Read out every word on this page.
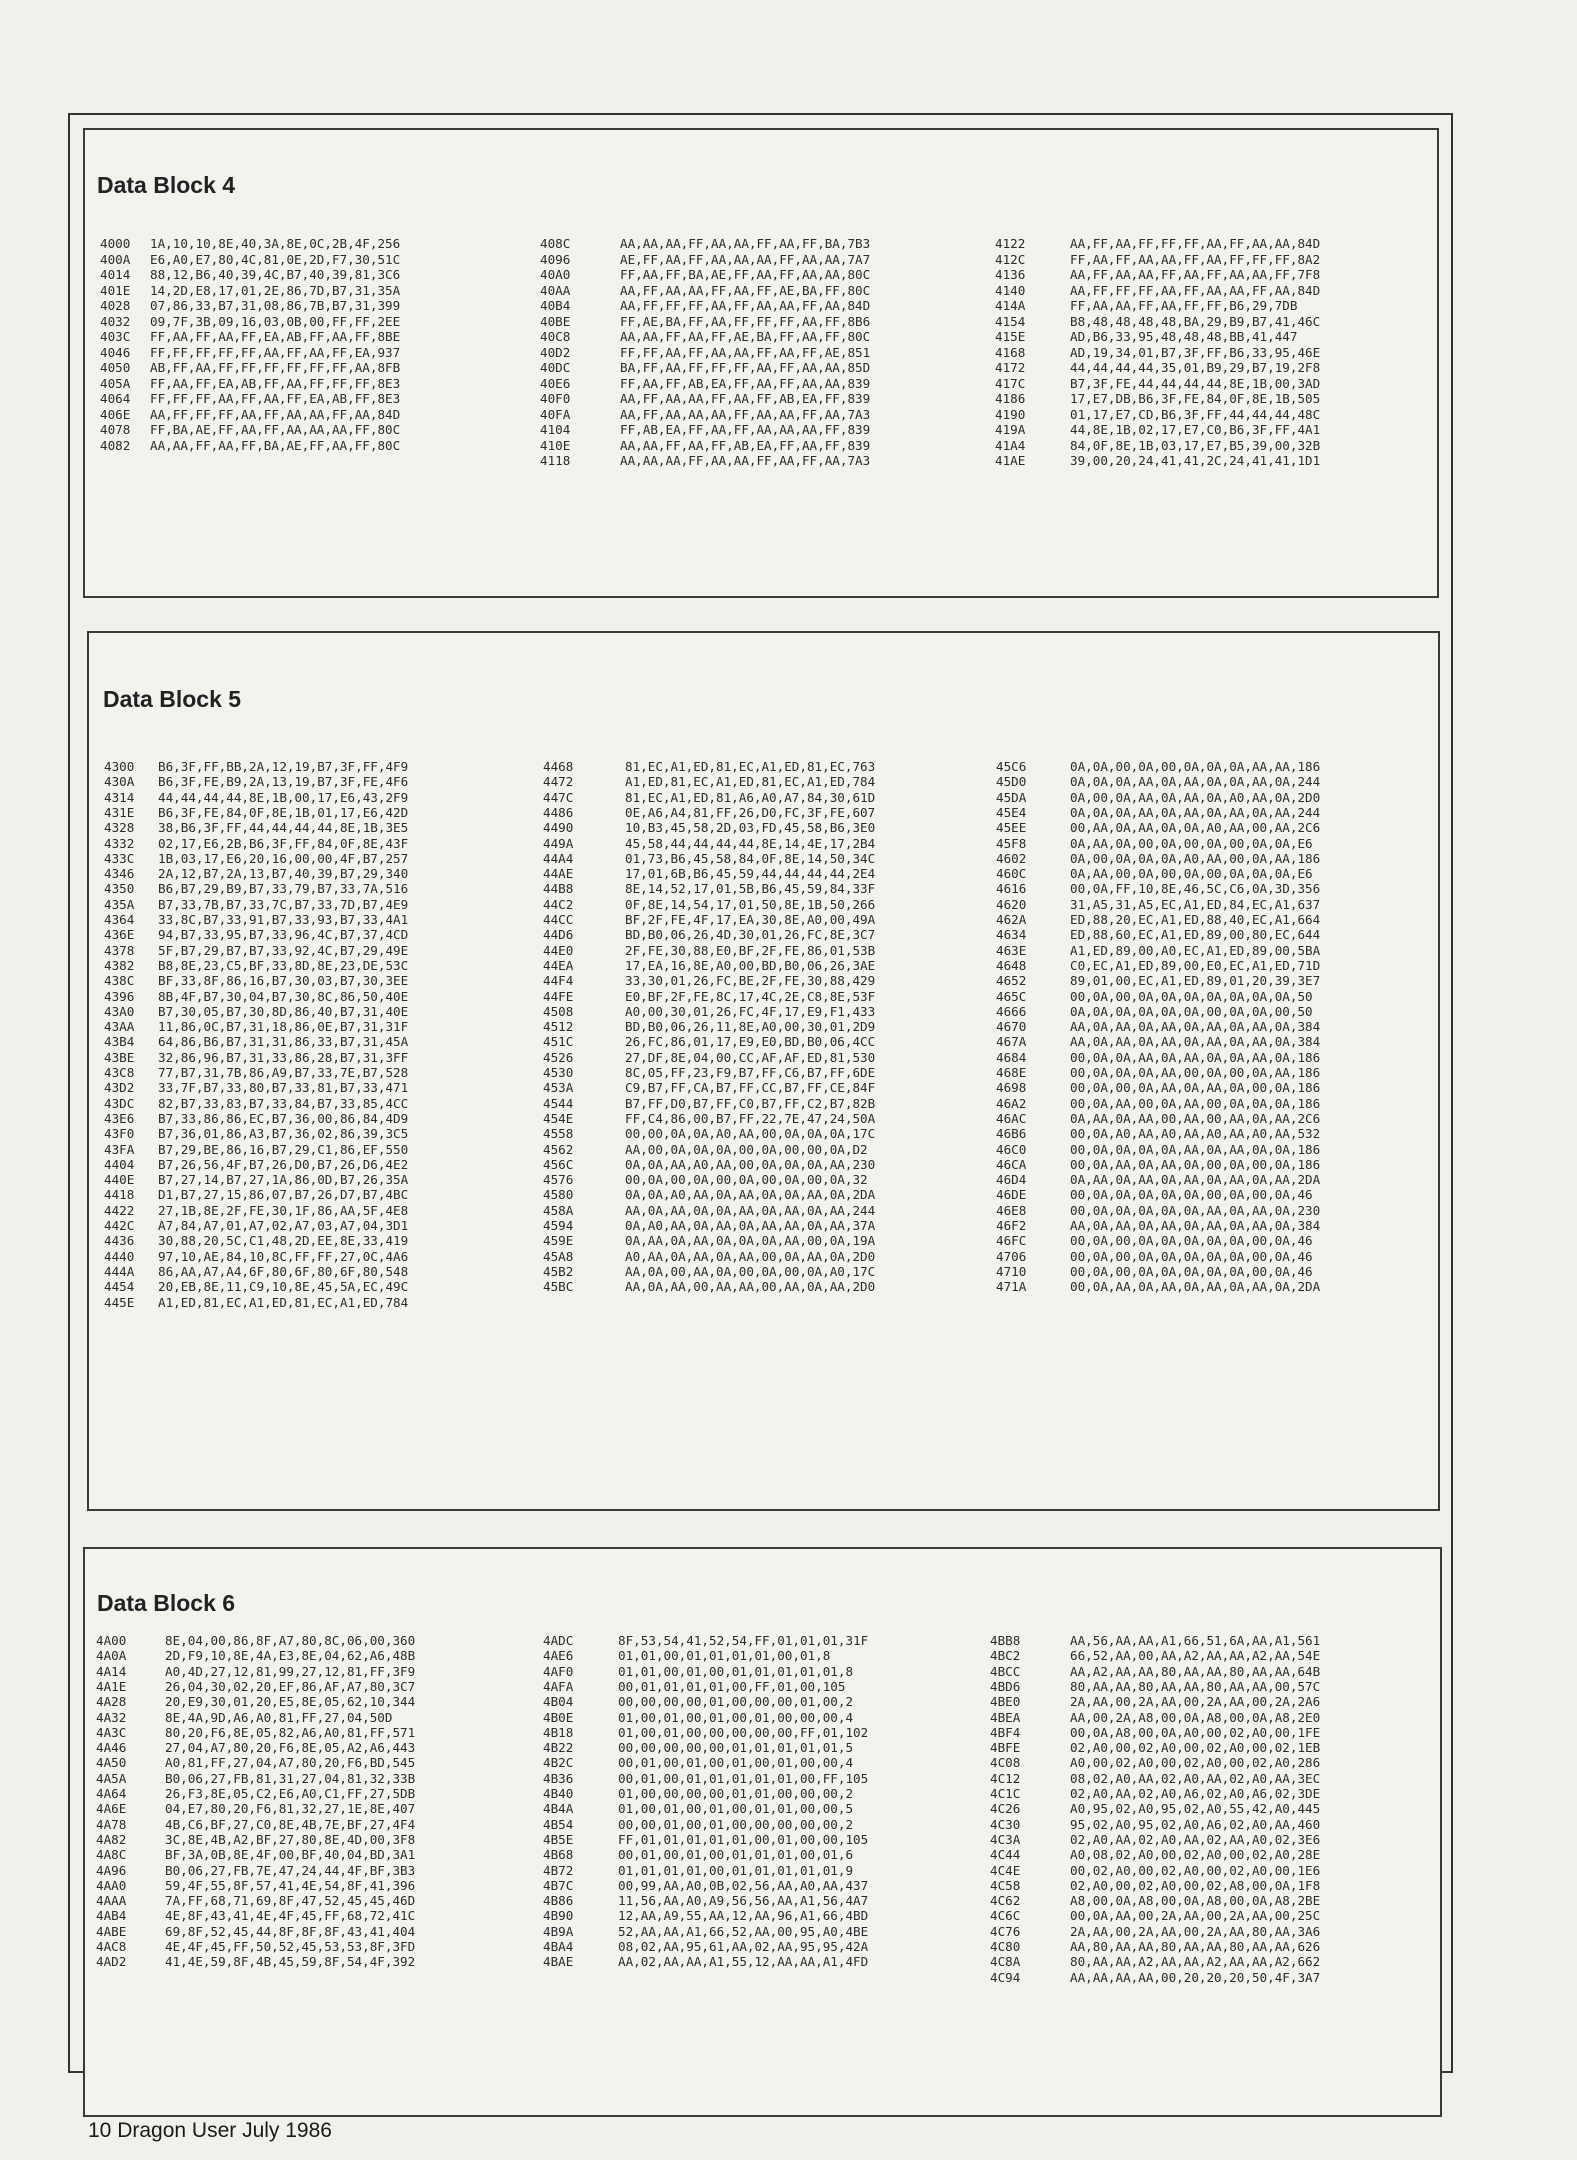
Data Block 4
4000 1A,10,10,8E,40,3A,8E,0C,2B,4F,256
400A E6,A0,E7,80,4C,81,0E,2D,F7,30,51C
4014 88,12,B6,40,39,4C,B7,40,39,81,3C6
401E 14,2D,E8,17,01,2E,86,7D,B7,31,35A
4028 07,86,33,B7,31,08,86,7B,B7,31,399
4032 09,7F,3B,09,16,03,0B,00,FF,FF,2EE
403C FF,AA,FF,AA,FF,EA,AB,FF,AA,FF,8BE
4046 FF,FF,FF,FF,FF,AA,FF,AA,FF,EA,937
4050 AB,FF,AA,FF,FF,FF,FF,FF,FF,AA,8FB
405A FF,AA,FF,EA,AB,FF,AA,FF,FF,FF,8E3
4064 FF,FF,FF,AA,FF,AA,FF,EA,AB,FF,8E3
406E AA,FF,FF,FF,AA,FF,AA,AA,FF,AA,84D
4078 FF,BA,AE,FF,AA,FF,AA,AA,AA,FF,80C
4082 AA,AA,FF,AA,FF,BA,AE,FF,AA,FF,80C
408C	AA,AA,AA,FF,AA,AA,FF,AA,FF,BA,7B3
4096	AE,FF,AA,FF,AA,AA,AA,FF,AA,AA,7A7
40A0	FF,AA,FF,BA,AE,FF,AA,FF,AA,AA,80C
40AA	AA,FF,AA,AA,FF,AA,FF,AE,BA,FF,80C
40B4	AA,FF,FF,FF,AA,FF,AA,AA,FF,AA,84D
40BE	FF,AE,BA,FF,AA,FF,FF,FF,AA,FF,8B6
40C8	AA,AA,FF,AA,FF,AE,BA,FF,AA,FF,80C
40D2	FF,FF,AA,FF,AA,AA,FF,AA,FF,AE,851
40DC	BA,FF,AA,FF,FF,FF,AA,FF,AA,AA,85D
40E6	FF,AA,FF,AB,EA,FF,AA,FF,AA,AA,839
40F0	AA,FF,AA,AA,FF,AA,FF,AB,EA,FF,839
40FA	AA,FF,AA,AA,AA,FF,AA,AA,FF,AA,7A3
4104	FF,AB,EA,FF,AA,FF,AA,AA,AA,FF,839
410E	AA,AA,FF,AA,FF,AB,EA,FF,AA,FF,839
4118	AA,AA,AA,FF,AA,AA,FF,AA,FF,AA,7A3
4122	AA,FF,AA,FF,FF,FF,AA,FF,AA,AA,84D
412C	FF,AA,FF,AA,AA,FF,AA,FF,FF,FF,8A2
4136	AA,FF,AA,AA,FF,AA,FF,AA,AA,FF,7F8
4140	AA,FF,FF,FF,AA,FF,AA,AA,FF,AA,84D
414A	FF,AA,AA,FF,AA,FF,FF,B6,29,7DB
4154	B8,48,48,48,48,BA,29,B9,B7,41,46C
415E	AD,B6,33,95,48,48,48,BB,41,447
4168	AD,19,34,01,B7,3F,FF,B6,33,95,46E
4172	44,44,44,44,35,01,B9,29,B7,19,2F8
417C	B7,3F,FE,44,44,44,44,8E,1B,00,3AD
4186	17,E7,DB,B6,3F,FE,84,0F,8E,1B,505
4190	01,17,E7,CD,B6,3F,FF,44,44,44,48C
419A	44,8E,1B,02,17,E7,C0,B6,3F,FF,4A1
41A4	84,0F,8E,1B,03,17,E7,B5,39,00,32B
41AE	39,00,20,24,41,41,2C,24,41,41,1D1
Data Block 5
4300 B6,3F,FF,BB,2A,12,19,B7,3F,FF,4F9
430A B6,3F,FE,B9,2A,13,19,B7,3F,FE,4F6
4314 44,44,44,44,8E,1B,00,17,E6,43,2F9
431E B6,3F,FE,84,0F,8E,1B,01,17,E6,42D
4328 38,B6,3F,FF,44,44,44,44,8E,1B,3E5
4332 02,17,E6,2B,B6,3F,FF,84,0F,8E,43F
433C 1B,03,17,E6,20,16,00,00,4F,B7,257
4346 2A,12,B7,2A,13,B7,40,39,B7,29,340
4350 B6,B7,29,B9,B7,33,79,B7,33,7A,516
435A B7,33,7B,B7,33,7C,B7,33,7D,B7,4E9
4364 33,8C,B7,33,91,B7,33,93,B7,33,4A1
436E 94,B7,33,95,B7,33,96,4C,B7,37,4CD
4378 5F,B7,29,B7,B7,33,92,4C,B7,29,49E
4382 B8,8E,23,C5,BF,33,8D,8E,23,DE,53C
438C BF,33,8F,86,16,B7,30,03,B7,30,3EE
4396 8B,4F,B7,30,04,B7,30,8C,86,50,40E
43A0 B7,30,05,B7,30,8D,86,40,B7,31,40E
43AA 11,86,0C,B7,31,18,86,0E,B7,31,31F
43B4 64,86,B6,B7,31,31,86,33,B7,31,45A
43BE 32,86,96,B7,31,33,86,28,B7,31,3FF
43C8 77,B7,31,7B,86,A9,B7,33,7E,B7,528
43D2 33,7F,B7,33,80,B7,33,81,B7,33,471
43DC 82,B7,33,83,B7,33,84,B7,33,85,4CC
43E6 B7,33,86,86,EC,B7,36,00,86,84,4D9
43F0 B7,36,01,86,A3,B7,36,02,86,39,3C5
43FA B7,29,BE,86,16,B7,29,C1,86,EF,550
4404 B7,26,56,4F,B7,26,D0,B7,26,D6,4E2
440E B7,27,14,B7,27,1A,86,0D,B7,26,35A
4418 D1,B7,27,15,86,07,B7,26,D7,B7,4BC
4422 27,1B,8E,2F,FE,30,1F,86,AA,5F,4E8
442C A7,84,A7,01,A7,02,A7,03,A7,04,3D1
4436 30,88,20,5C,C1,48,2D,EE,8E,33,419
4440 97,10,AE,84,10,8C,FF,FF,27,0C,4A6
444A 86,AA,A7,A4,6F,80,6F,80,6F,80,548
4454 20,EB,8E,11,C9,10,8E,45,5A,EC,49C
445E A1,ED,81,EC,A1,ED,81,EC,A1,ED,784
4468	81,EC,A1,ED,81,EC,A1,ED,81,EC,763
4472	A1,ED,81,EC,A1,ED,81,EC,A1,ED,784
447C	81,EC,A1,ED,81,A6,A0,A7,84,30,61D
4486	0E,A6,A4,81,FF,26,D0,FC,3F,FE,607
4490	10,B3,45,58,2D,03,FD,45,58,B6,3E0
449A	45,58,44,44,44,44,8E,14,4E,17,2B4
44A4	01,73,B6,45,58,84,0F,8E,14,50,34C
44AE	17,01,6B,B6,45,59,44,44,44,44,2E4
44B8	8E,14,52,17,01,5B,B6,45,59,84,33F
44C2	0F,8E,14,54,17,01,50,8E,1B,50,266
44CC	BF,2F,FE,4F,17,EA,30,8E,A0,00,49A
44D6	BD,B0,06,26,4D,30,01,26,FC,8E,3C7
44E0	2F,FE,30,88,E0,BF,2F,FE,86,01,53B
44EA	17,EA,16,8E,A0,00,BD,B0,06,26,3AE
44F4	33,30,01,26,FC,BE,2F,FE,30,88,429
44FE	E0,BF,2F,FE,8C,17,4C,2E,C8,8E,53F
4508	A0,00,30,01,26,FC,4F,17,E9,F1,433
4512	BD,B0,06,26,11,8E,A0,00,30,01,2D9
451C	26,FC,86,01,17,E9,E0,BD,B0,06,4CC
4526	27,DF,8E,04,00,CC,AF,AF,ED,81,530
4530	8C,05,FF,23,F9,B7,FF,C6,B7,FF,6DE
453A	C9,B7,FF,CA,B7,FF,CC,B7,FF,CE,84F
4544	B7,FF,D0,B7,FF,C0,B7,FF,C2,B7,82B
454E	FF,C4,86,00,B7,FF,22,7E,47,24,50A
4558	00,00,0A,0A,A0,AA,00,0A,0A,0A,17C
4562	AA,00,0A,0A,0A,00,0A,00,00,0A,D2
456C	0A,0A,AA,A0,AA,00,0A,0A,0A,AA,230
4576	00,0A,00,0A,00,0A,00,0A,00,0A,32
4580	0A,0A,A0,AA,0A,AA,0A,0A,AA,0A,2DA
458A	AA,0A,AA,0A,0A,AA,0A,AA,0A,AA,244
4594	0A,A0,AA,0A,AA,0A,AA,AA,0A,AA,37A
459E	0A,AA,0A,AA,0A,0A,0A,AA,00,0A,19A
45A8	A0,AA,0A,AA,0A,AA,00,0A,AA,0A,2D0
45B2	AA,0A,00,AA,0A,00,0A,00,0A,A0,17C
45BC	AA,0A,AA,00,AA,AA,00,AA,0A,AA,2D0
45C6	0A,0A,00,0A,00,0A,0A,0A,AA,AA,186
45D0	0A,0A,0A,AA,0A,AA,0A,0A,AA,0A,244
45DA	0A,00,0A,AA,0A,AA,0A,A0,AA,0A,2D0
45E4	0A,0A,0A,AA,0A,AA,0A,AA,0A,AA,244
45EE	00,AA,0A,AA,0A,0A,A0,AA,00,AA,2C6
45F8	0A,AA,0A,00,0A,00,0A,00,0A,0A,E6
4602	0A,00,0A,0A,0A,A0,AA,00,0A,AA,186
460C	0A,AA,00,0A,00,0A,00,0A,0A,0A,E6
4616	00,0A,FF,10,8E,46,5C,C6,0A,3D,356
4620	31,A5,31,A5,EC,A1,ED,84,EC,A1,637
462A	ED,88,20,EC,A1,ED,88,40,EC,A1,664
4634	ED,88,60,EC,A1,ED,89,00,80,EC,644
463E	A1,ED,89,00,A0,EC,A1,ED,89,00,5BA
4648	C0,EC,A1,ED,89,00,E0,EC,A1,ED,71D
4652	89,01,00,EC,A1,ED,89,01,20,39,3E7
465C	00,0A,00,0A,0A,0A,0A,0A,0A,0A,50
4666	0A,0A,0A,0A,0A,0A,00,0A,0A,00,50
4670	AA,0A,AA,0A,AA,0A,AA,0A,AA,0A,384
467A	AA,0A,AA,0A,AA,0A,AA,0A,AA,0A,384
4684	00,0A,0A,AA,0A,AA,0A,0A,AA,0A,186
468E	00,0A,0A,0A,AA,00,0A,00,0A,AA,186
4698	00,0A,00,0A,AA,0A,AA,0A,00,0A,186
46A2	00,0A,AA,00,0A,AA,00,0A,0A,0A,186
46AC	0A,AA,0A,AA,00,AA,00,AA,0A,AA,2C6
46B6	00,0A,A0,AA,A0,AA,A0,AA,A0,AA,532
46C0	00,0A,0A,0A,0A,AA,0A,AA,0A,0A,186
46CA	00,0A,AA,0A,AA,0A,00,0A,00,0A,186
46D4	0A,AA,0A,AA,0A,AA,0A,AA,0A,AA,2DA
46DE	00,0A,0A,0A,0A,0A,00,0A,00,0A,46
46E8	00,0A,0A,0A,0A,0A,AA,0A,AA,0A,230
46F2	AA,0A,AA,0A,AA,0A,AA,0A,AA,0A,384
46FC	00,0A,00,0A,0A,0A,0A,0A,00,0A,46
4706	00,0A,00,0A,0A,0A,0A,0A,00,0A,46
4710	00,0A,00,0A,0A,0A,0A,0A,00,0A,46
471A	00,0A,AA,0A,AA,0A,AA,0A,AA,0A,2DA
Data Block 6
4A00	8E,04,00,86,8F,A7,80,8C,06,00,360
4A0A	2D,F9,10,8E,4A,E3,8E,04,62,A6,48B
4A14	A0,4D,27,12,81,99,27,12,81,FF,3F9
4A1E	26,04,30,02,20,EF,86,AF,A7,80,3C7
4A28	20,E9,30,01,20,E5,8E,05,62,10,344
4A32	8E,4A,9D,A6,A0,81,FF,27,04,50D
4A3C	80,20,F6,8E,05,82,A6,A0,81,FF,571
4A46	27,04,A7,80,20,F6,8E,05,A2,A6,443
4A50	A0,81,FF,27,04,A7,80,20,F6,BD,545
4A5A	B0,06,27,FB,81,31,27,04,81,32,33B
4A64	26,F3,8E,05,C2,E6,A0,C1,FF,27,5DB
4A6E	04,E7,80,20,F6,81,32,27,1E,8E,407
4A78	4B,C6,BF,27,C0,8E,4B,7E,BF,27,4F4
4A82	3C,8E,4B,A2,BF,27,80,8E,4D,00,3F8
4A8C	BF,3A,0B,8E,4F,00,BF,40,04,BD,3A1
4A96	B0,06,27,FB,7E,47,24,44,4F,BF,3B3
4AA0	59,4F,55,8F,57,41,4E,54,8F,41,396
4AAA	7A,FF,68,71,69,8F,47,52,45,45,46D
4AB4	4E,8F,43,41,4E,4F,45,FF,68,72,41C
4ABE	69,8F,52,45,44,8F,8F,8F,43,41,404
4AC8	4E,4F,45,FF,50,52,45,53,53,8F,3FD
4AD2	41,4E,59,8F,4B,45,59,8F,54,4F,392
4ADC	8F,53,54,41,52,54,FF,01,01,01,31F
4AE6	01,01,00,01,01,01,01,00,01,8
4AF0	01,01,00,01,00,01,01,01,01,01,8
4AFA	00,01,01,01,01,00,FF,01,00,105
4B04	00,00,00,00,01,00,00,00,01,00,2
4B0E	01,00,01,00,01,00,01,00,00,00,4
4B18	01,00,01,00,00,00,00,00,FF,01,102
4B22	00,00,00,00,00,01,01,01,01,01,5
4B2C	00,01,00,01,00,01,00,01,00,00,4
4B36	00,01,00,01,01,01,01,01,00,FF,105
4B40	01,00,00,00,00,01,01,00,00,00,2
4B4A	01,00,01,00,01,00,01,01,00,00,5
4B54	00,00,01,00,01,00,00,00,00,00,2
4B5E	FF,01,01,01,01,01,00,01,00,00,105
4B68	00,01,00,01,00,01,01,01,00,01,6
4B72	01,01,01,01,00,01,01,01,01,01,9
4B7C	00,99,AA,A0,0B,02,56,AA,A0,AA,437
4B86	11,56,AA,A0,A9,56,56,AA,A1,56,4A7
4B90	12,AA,A9,55,AA,12,AA,96,A1,66,4BD
4B9A	52,AA,AA,A1,66,52,AA,00,95,A0,4BE
4BA4	08,02,AA,95,61,AA,02,AA,95,95,42A
4BAE	AA,02,AA,AA,A1,55,12,AA,AA,A1,4FD
4BB8	AA,56,AA,AA,A1,66,51,6A,AA,A1,561
4BC2	66,52,AA,00,AA,A2,AA,AA,A2,AA,54E
4BCC	AA,A2,AA,AA,80,AA,AA,80,AA,AA,64B
4BD6	80,AA,AA,80,AA,AA,80,AA,AA,00,57C
4BE0	2A,AA,00,2A,AA,00,2A,AA,00,2A,2A6
4BEA	AA,00,2A,A8,00,0A,A8,00,0A,A8,2E0
4BF4	00,0A,A8,00,0A,A0,00,02,A0,00,1FE
4BFE	02,A0,00,02,A0,00,02,A0,00,02,1EB
4C08	A0,00,02,A0,00,02,A0,00,02,A0,286
4C12	08,02,A0,AA,02,A0,AA,02,A0,AA,3EC
4C1C	02,A0,AA,02,A0,A6,02,A0,A6,02,3DE
4C26	A0,95,02,A0,95,02,A0,55,42,A0,445
4C30	95,02,A0,95,02,A0,A6,02,A0,AA,460
4C3A	02,A0,AA,02,A0,AA,02,AA,A0,02,3E6
4C44	A0,08,02,A0,00,02,A0,00,02,A0,28E
4C4E	00,02,A0,00,02,A0,00,02,A0,00,1E6
4C58	02,A0,00,02,A0,00,02,A8,00,0A,1F8
4C62	A8,00,0A,A8,00,0A,A8,00,0A,A8,2BE
4C6C	00,0A,AA,00,2A,AA,00,2A,AA,00,25C
4C76	2A,AA,00,2A,AA,00,2A,AA,80,AA,3A6
4C80	AA,80,AA,AA,80,AA,AA,80,AA,AA,626
4C8A	80,AA,AA,A2,AA,AA,A2,AA,AA,A2,662
4C94	AA,AA,AA,AA,00,20,20,20,50,4F,3A7
10 Dragon User July 1986
